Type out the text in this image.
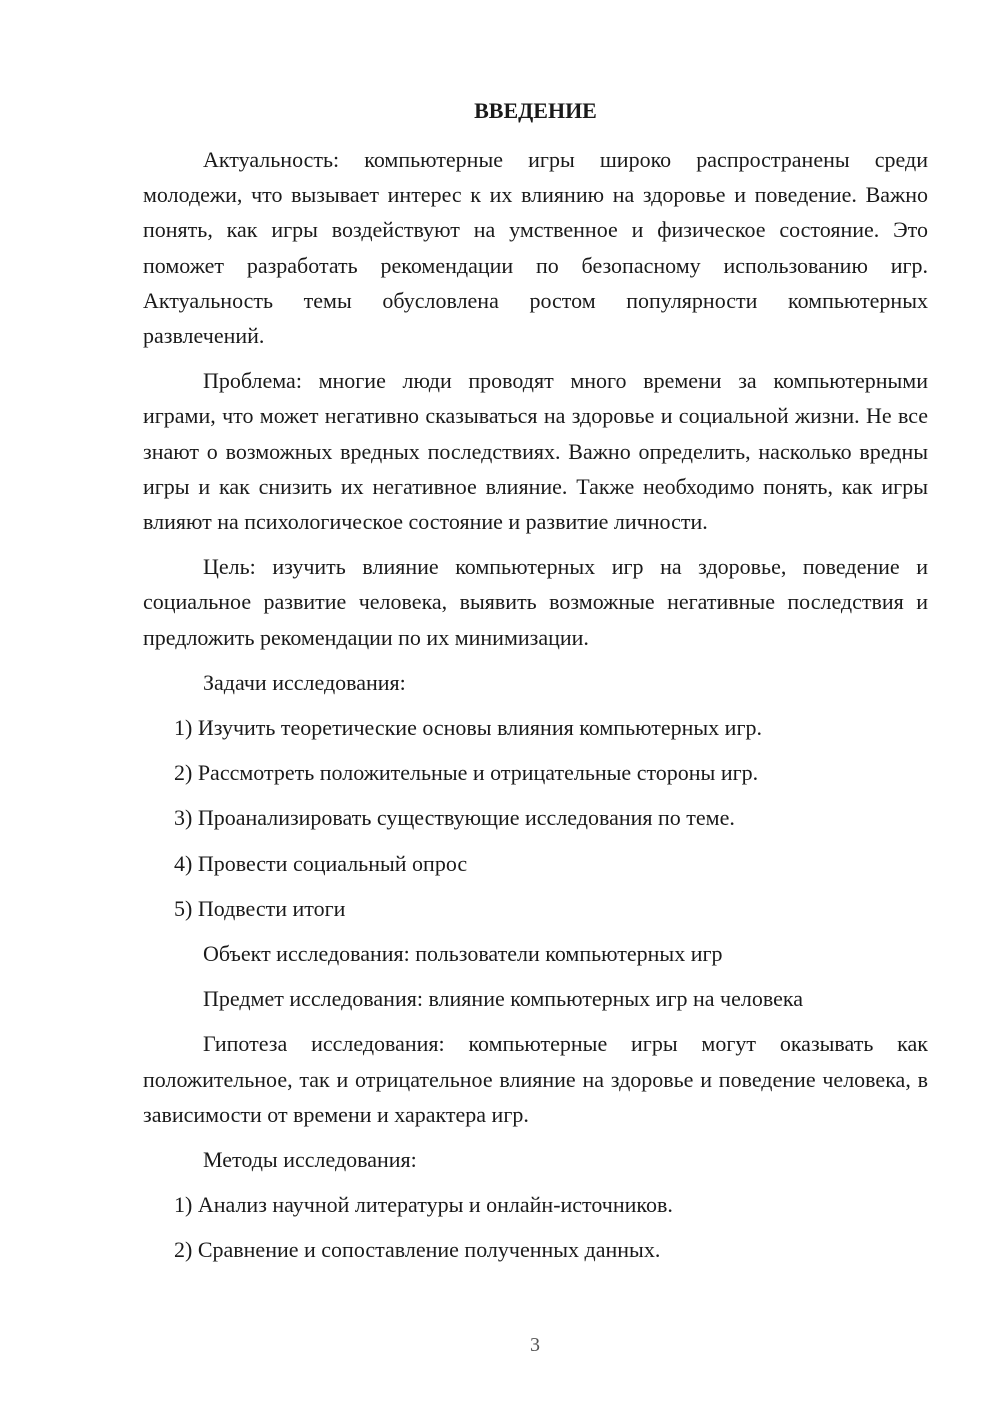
ВВЕДЕНИЕ

Актуальность: компьютерные игры широко распространены среди молодежи, что вызывает интерес к их влиянию на здоровье и поведение. Важно понять, как игры воздействуют на умственное и физическое состояние. Это поможет разработать рекомендации по безопасному использованию игр. Актуальность темы обусловлена ростом популярности компьютерных развлечений.

Проблема: многие люди проводят много времени за компьютерными играми, что может негативно сказываться на здоровье и социальной жизни. Не все знают о возможных вредных последствиях. Важно определить, насколько вредны игры и как снизить их негативное влияние. Также необходимо понять, как игры влияют на психологическое состояние и развитие личности.

Цель: изучить влияние компьютерных игр на здоровье, поведение и социальное развитие человека, выявить возможные негативные последствия и предложить рекомендации по их минимизации.

Задачи исследования:

1) Изучить теоретические основы влияния компьютерных игр.

2) Рассмотреть положительные и отрицательные стороны игр.

3) Проанализировать существующие исследования по теме.

4) Провести социальный опрос

5) Подвести итоги

Объект исследования: пользователи компьютерных игр

Предмет исследования: влияние компьютерных игр на человека

Гипотеза исследования: компьютерные игры могут оказывать как положительное, так и отрицательное влияние на здоровье и поведение человека, в зависимости от времени и характера игр.

Методы исследования:

1) Анализ научной литературы и онлайн-источников.

2) Сравнение и сопоставление полученных данных.

3
